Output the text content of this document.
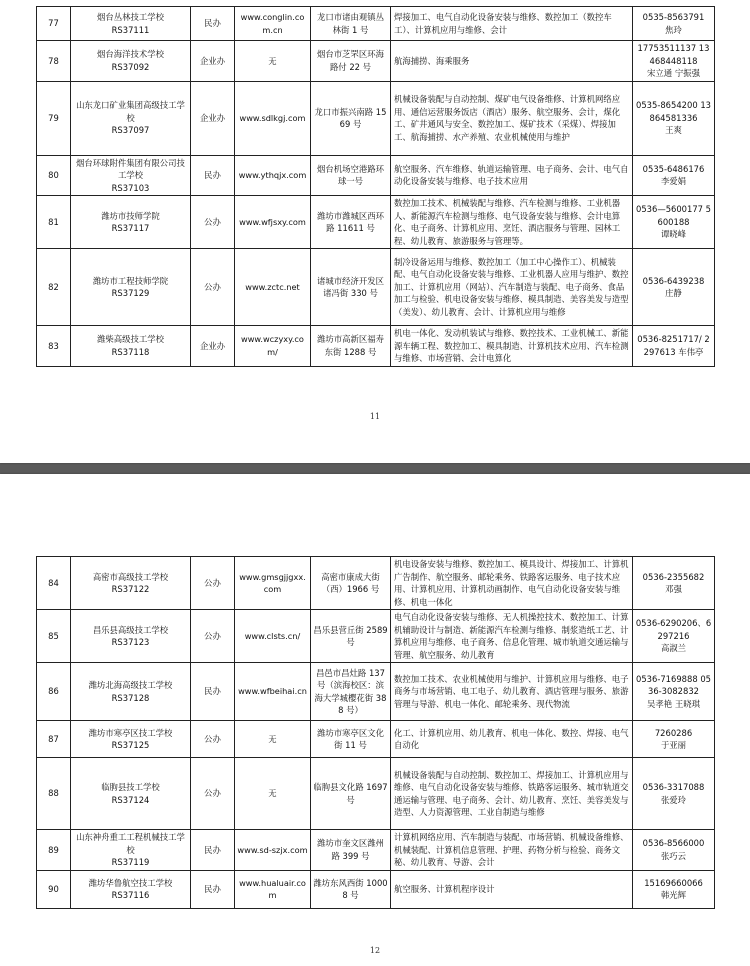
77	烟台丛林技工学校
RS37111	民办	www.conglin.com.cn	龙口市诸由观镇丛林街 1 号	焊接加工、电气自动化设备安装与维修、数控加工（数控车工）、计算机应用与维修、会计	0535-8563791
焦玲
78	烟台海洋技术学校
RS37092	企业办	无	烟台市芝罘区环海路付 22 号	航海捕捞、海乘服务	17753511137 13468448118
宋立通 宁振强
79	山东龙口矿业集团高级技工学校
RS37097	企业办	www.sdlkgj.com	龙口市振兴南路 1569 号	机械设备装配与自动控制、煤矿电气设备维修、计算机网络应用、通信运营服务饭店（酒店）服务、航空服务、会计，煤化工、矿井通风与安全、数控加工、煤矿技术（采煤）、焊接加工、航海捕捞、水产养殖、农业机械使用与维护	0535-8654200 13864581336
王爽
80	烟台环球附件集团有限公司技工学校
RS37103	民办	www.ythqjx.com	烟台机场空港路环球一号	航空服务、汽车维修、轨道运输管理、电子商务、会计、电气自动化设备安装与维修、电子技术应用	0535-6486176
李爱娟
81	潍坊市技师学院
RS37117	公办	www.wfjsxy.com	潍坊市潍城区西环路 11611 号	数控加工技术、机械装配与维修、汽车检测与维修、工业机器人、新能源汽车检测与维修、电气设备安装与维修、会计电算化、电子商务、计算机应用、烹饪、酒店服务与管理、园林工程、幼儿教育、旅游服务与管理等。	0536—5600177 5600188
谭晓峰
82	潍坊市工程技师学院
RS37129	公办	www.zctc.net	诸城市经济开发区诸冯街 330 号	制冷设备运用与维修、数控加工（加工中心操作工）、机械装配、电气自动化设备安装与维修、工业机器人应用与维护、数控加工、计算机应用（网站）、汽车制造与装配、电子商务、食品加工与检验、机电设备安装与维修、模具制造、美容美发与造型（美发）、幼儿教育、会计、计算机应用与维修	0536-6439238
庄静
83	潍柴高级技工学校
RS37118	企业办	www.wczyxy.com/	潍坊市高新区福寿东街 1288 号	机电一体化、发动机装试与维修、数控技术、工业机械工、新能源车辆工程、数控加工、模具制造、计算机技术应用、汽车检测与维修、市场营销、会计电算化	0536-8251717/ 2297613 车伟亭
11
84	高密市高级技工学校
RS37122	公办	www.gmsgjjgxx.com	高密市康成大街（西）1966 号	机电设备安装与维修、数控加工、模具设计、焊接加工、计算机广告制作、航空服务、邮轮乘务、铁路客运服务、电子技术应用、计算机应用、计算机动画制作、电气自动化设备安装与维修、机电一体化	0536-2355682
邓强
85	昌乐县高级技工学校
RS37123	公办	www.clsts.cn/	昌乐县营丘街 2589 号	电气自动化设备安装与维修、无人机操控技术、数控加工、计算机辅助设计与制造、新能源汽车检测与维修、制浆造纸工艺、计算机应用与维修、电子商务、信息化管理、城市轨道交通运输与管理、航空服务、幼儿教育	0536-6290206、6297216
高淑兰
86	潍坊北海高级技工学校
RS37128	民办	www.wfbeihai.cn	昌邑市昌灶路 137 号（滨海校区：滨海大学城樱花街 388 号）	数控加工技术、农业机械使用与维护、计算机应用与维修、电子商务与市场营销、电工电子、幼儿教育、酒店管理与服务、旅游管理与导游、机电一体化、邮轮乘务、现代物流	0536-7169888 0536-3082832
吴孝艳 王晓琪
87	潍坊市寒亭区技工学校
RS37125	公办	无	潍坊市寒亭区文化街 11 号	化工、计算机应用、幼儿教育、机电一体化、数控、焊接、电气自动化	7260286
于亚丽
88	临朐县技工学校
RS37124	公办	无	临朐县文化路 1697 号	机械设备装配与自动控制、数控加工、焊接加工、计算机应用与维修、电气自动化设备安装与维修、铁路客运服务、城市轨道交通运输与管理、电子商务、会计、幼儿教育、烹饪、美容美发与造型、人力资源管理、工业自制造与维修	0536-3317088
张爱玲
89	山东神舟重工工程机械技工学校
RS37119	民办	www.sd-szjx.com	潍坊市奎文区潍州路 399 号	计算机网络应用、汽车制造与装配、市场营销、机械设备维修、机械装配、计算机信息管理、护理、药物分析与检验、商务文秘、幼儿教育、导游、会计	0536-8566000
张巧云
90	潍坊华鲁航空技工学校
RS37116	民办	www.hualuair.com	潍坊东风西街 10008 号	航空服务、计算机程序设计	15169660066
韩光辉
12
